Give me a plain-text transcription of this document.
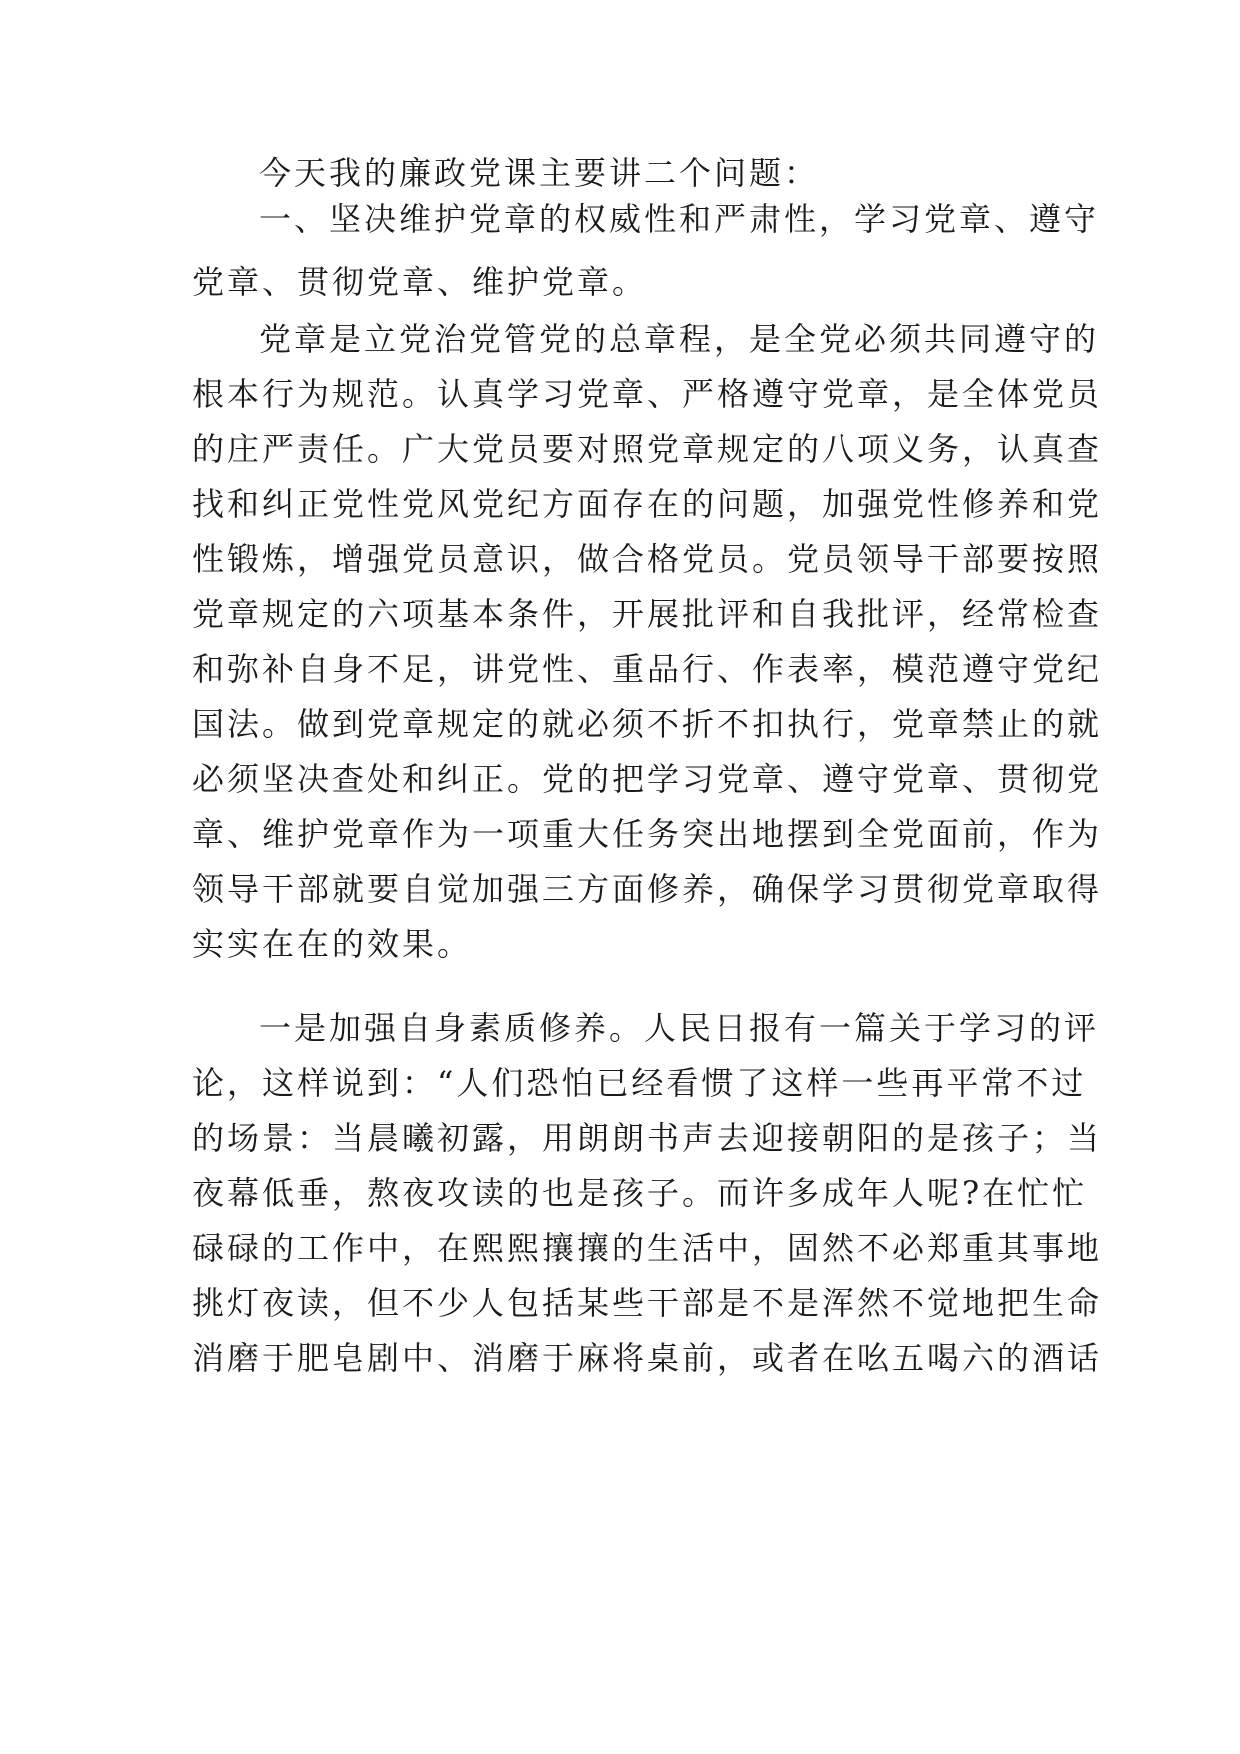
今天我的廉政党课主要讲二个问题：
一、坚决维护党章的权威性和严肃性，学习党章、遵守
党章、贯彻党章、维护党章。
党章是立党治党管党的总章程，是全党必须共同遵守的
根本行为规范。认真学习党章、严格遵守党章，是全体党员
的庄严责任。广大党员要对照党章规定的八项义务，认真查
找和纠正党性党风党纪方面存在的问题，加强党性修养和党
性锻炼，增强党员意识，做合格党员。党员领导干部要按照
党章规定的六项基本条件，开展批评和自我批评，经常检查
和弥补自身不足，讲党性、重品行、作表率，模范遵守党纪
国法。做到党章规定的就必须不折不扣执行，党章禁止的就
必须坚决查处和纠正。党的把学习党章、遵守党章、贯彻党
章、维护党章作为一项重大任务突出地摆到全党面前，作为
领导干部就要自觉加强三方面修养，确保学习贯彻党章取得
实实在在的效果。
一是加强自身素质修养。人民日报有一篇关于学习的评
论，这样说到：“人们恐怕已经看惯了这样一些再平常不过
的场景：当晨曦初露，用朗朗书声去迎接朝阳的是孩子；当
夜幕低垂，熬夜攻读的也是孩子。而许多成年人呢?在忙忙
碌碌的工作中，在熙熙攘攘的生活中，固然不必郑重其事地
挑灯夜读，但不少人包括某些干部是不是浑然不觉地把生命
消磨于肥皂剧中、消磨于麻将桌前，或者在吆五喝六的酒话
